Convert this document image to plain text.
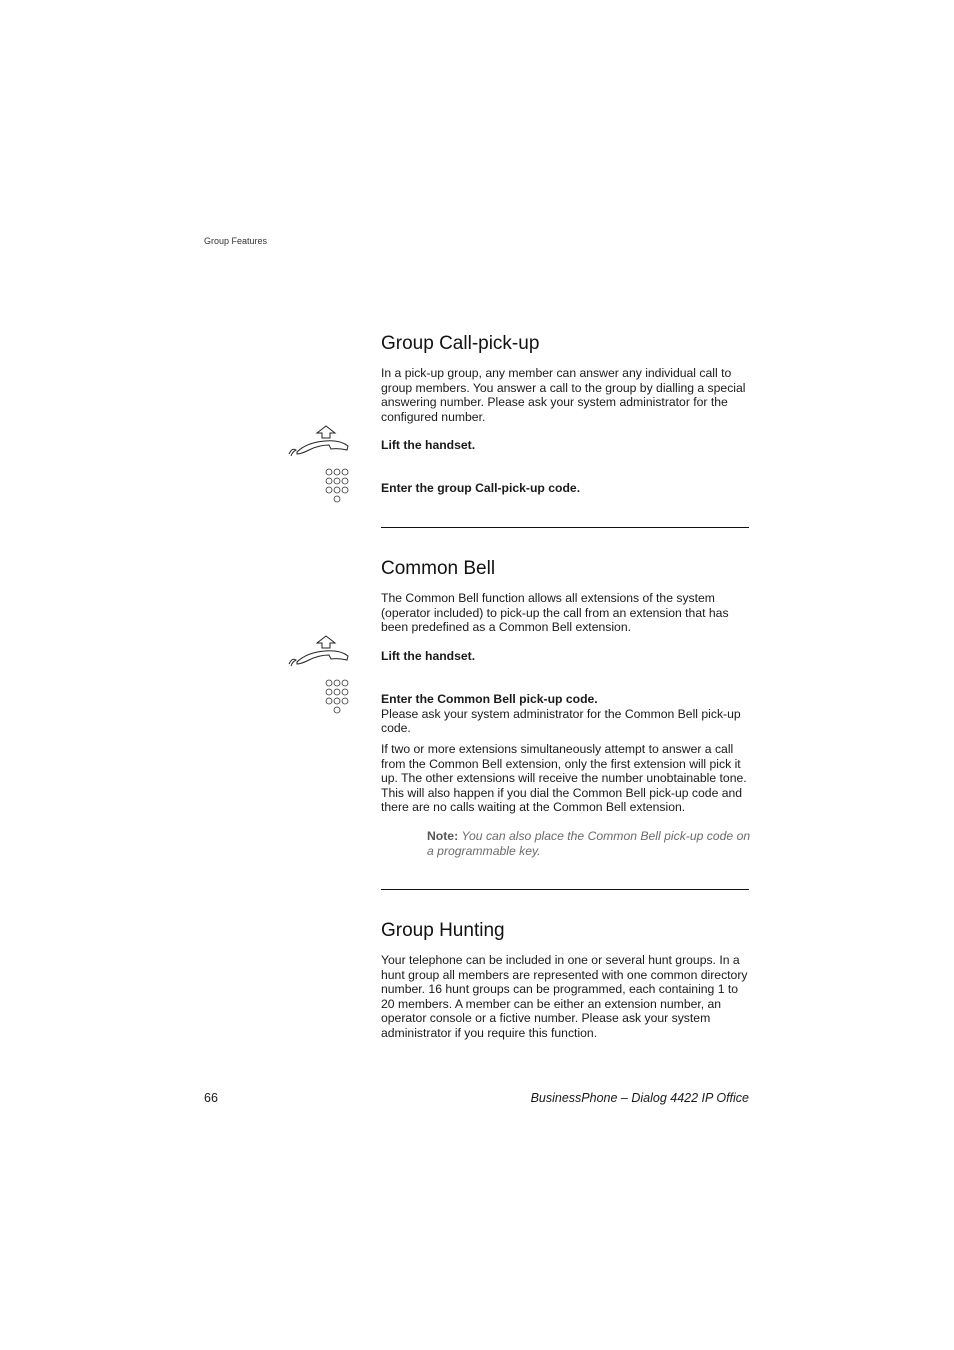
Group Features
Group Call-pick-up
In a pick-up group, any member can answer any individual call to group members. You answer a call to the group by dialling a special answering number. Please ask your system administrator for the configured number.
Lift the handset.
Enter the group Call-pick-up code.
Common Bell
The Common Bell function allows all extensions of the system (operator included) to pick-up the call from an extension that has been predefined as a Common Bell extension.
Lift the handset.
Enter the Common Bell pick-up code.
Please ask your system administrator for the Common Bell pick-up code.
If two or more extensions simultaneously attempt to answer a call from the Common Bell extension, only the first extension will pick it up. The other extensions will receive the number unobtainable tone. This will also happen if you dial the Common Bell pick-up code and there are no calls waiting at the Common Bell extension.
Note: You can also place the Common Bell pick-up code on a programmable key.
Group Hunting
Your telephone can be included in one or several hunt groups. In a hunt group all members are represented with one common directory number. 16 hunt groups can be programmed, each containing 1 to 20 members. A member can be either an extension number, an operator console or a fictive number. Please ask your system administrator if you require this function.
66	BusinessPhone – Dialog 4422 IP Office
